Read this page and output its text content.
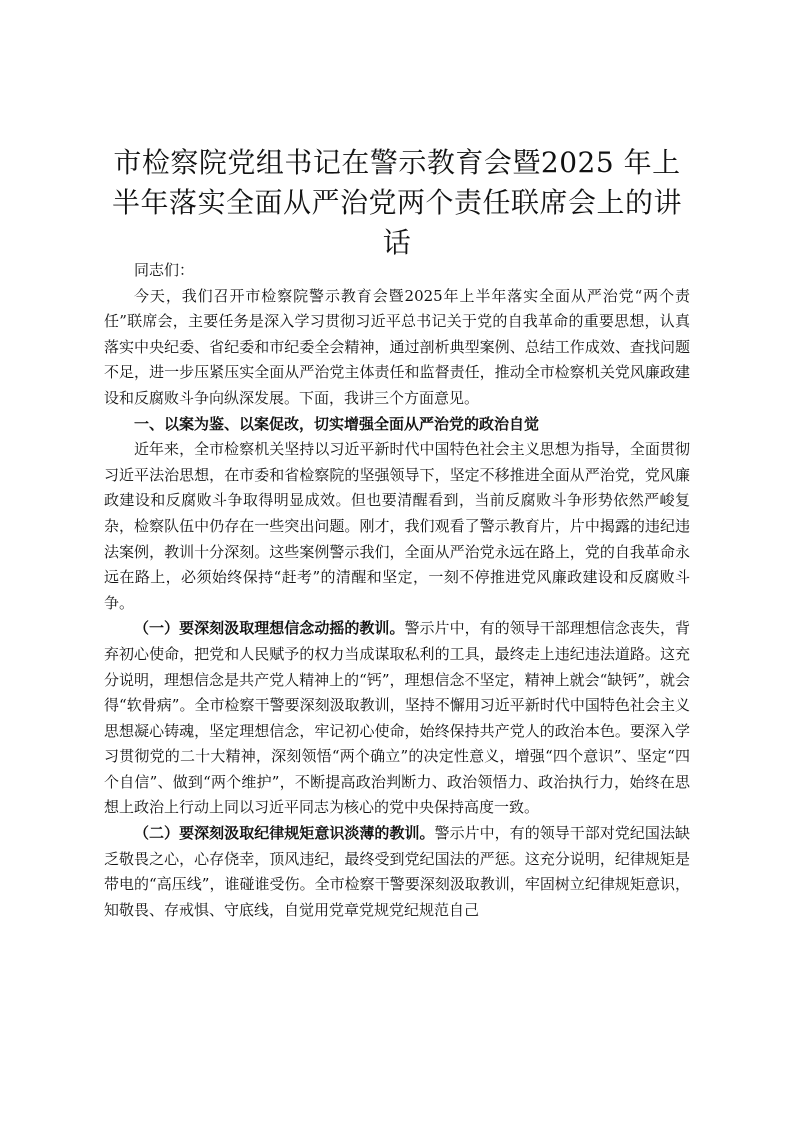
市检察院党组书记在警示教育会暨2025 年上半年落实全面从严治党两个责任联席会上的讲话

同志们：

今天，我们召开市检察院警示教育会暨2025年上半年落实全面从严治党“两个责任”联席会，主要任务是深入学习贯彻习近平总书记关于党的自我革命的重要思想，认真落实中央纪委、省纪委和市纪委全会精神，通过剖析典型案例、总结工作成效、查找问题不足，进一步压紧压实全面从严治党主体责任和监督责任，推动全市检察机关党风廉政建设和反腐败斗争向纵深发展。下面，我讲三个方面意见。

一、以案为鉴、以案促改，切实增强全面从严治党的政治自觉

近年来，全市检察机关坚持以习近平新时代中国特色社会主义思想为指导，全面贯彻习近平法治思想，在市委和省检察院的坚强领导下，坚定不移推进全面从严治党，党风廉政建设和反腐败斗争取得明显成效。但也要清醒看到，当前反腐败斗争形势依然严峻复杂，检察队伍中仍存在一些突出问题。刚才，我们观看了警示教育片，片中揭露的违纪违法案例，教训十分深刻。这些案例警示我们，全面从严治党永远在路上，党的自我革命永远在路上，必须始终保持“赶考”的清醒和坚定，一刻不停推进党风廉政建设和反腐败斗争。

（一）要深刻汲取理想信念动摇的教训。警示片中，有的领导干部理想信念丧失，背弃初心使命，把党和人民赋予的权力当成谋取私利的工具，最终走上违纪违法道路。这充分说明，理想信念是共产党人精神上的“钙”，理想信念不坚定，精神上就会“缺钙”，就会得“软骨病”。全市检察干警要深刻汲取教训，坚持不懈用习近平新时代中国特色社会主义思想凝心铸魂，坚定理想信念，牢记初心使命，始终保持共产党人的政治本色。要深入学习贯彻党的二十大精神，深刻领悟“两个确立”的决定性意义，增强“四个意识”、坚定“四个自信”、做到“两个维护”，不断提高政治判断力、政治领悟力、政治执行力，始终在思想上政治上行动上同以习近平同志为核心的党中央保持高度一致。

（二）要深刻汲取纪律规矩意识淡薄的教训。警示片中，有的领导干部对党纪国法缺乏敬畏之心，心存侥幸，顶风违纪，最终受到党纪国法的严惩。这充分说明，纪律规矩是带电的“高压线”，谁碰谁受伤。全市检察干警要深刻汲取教训，牢固树立纪律规矩意识，知敬畏、存戒惧、守底线，自觉用党章党规党纪规范自己
